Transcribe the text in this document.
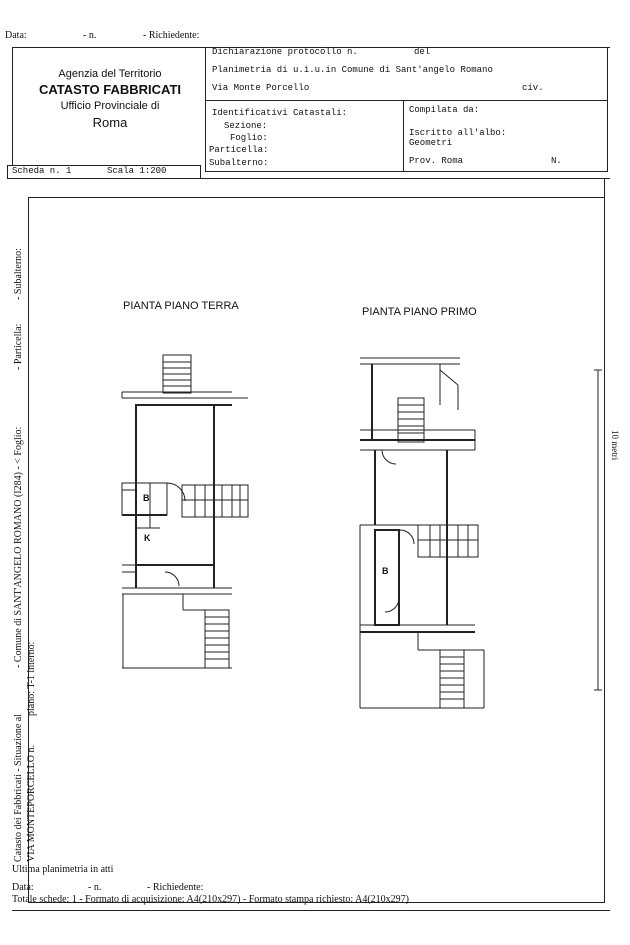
Data:	- n.	- Richiedente:
Agenzia del Territorio
CATASTO FABBRICATI
Ufficio Provinciale di
Roma
Dichiarazione protocollo n.	del
Planimetria di u.i.u.in Comune di Sant'angelo Romano
Via Monte Porcello	civ.
Identificativi Catastali:
Sezione:
Foglio:
Particella:
Subalterno:
Compilata da:
Iscritto all'albo:
Geometri
Prov. Roma	N.
Scheda n. 1	Scala 1:200
PIANTA PIANO TERRA	PIANTA PIANO PRIMO
B
K
B
10 metri
Catasto dei Fabbricati - Situazione al
- Comune di SANT'ANGELO ROMANO (I284) - < Foglio:
- Particella:
- Subalterno:
VIA MONTEPORCELLO n.
piano: T-1 interno:
Ultima planimetria in atti
Data:	- n.	- Richiedente:
Totale schede: 1 - Formato di acquisizione: A4(210x297) - Formato stampa richiesto: A4(210x297)
